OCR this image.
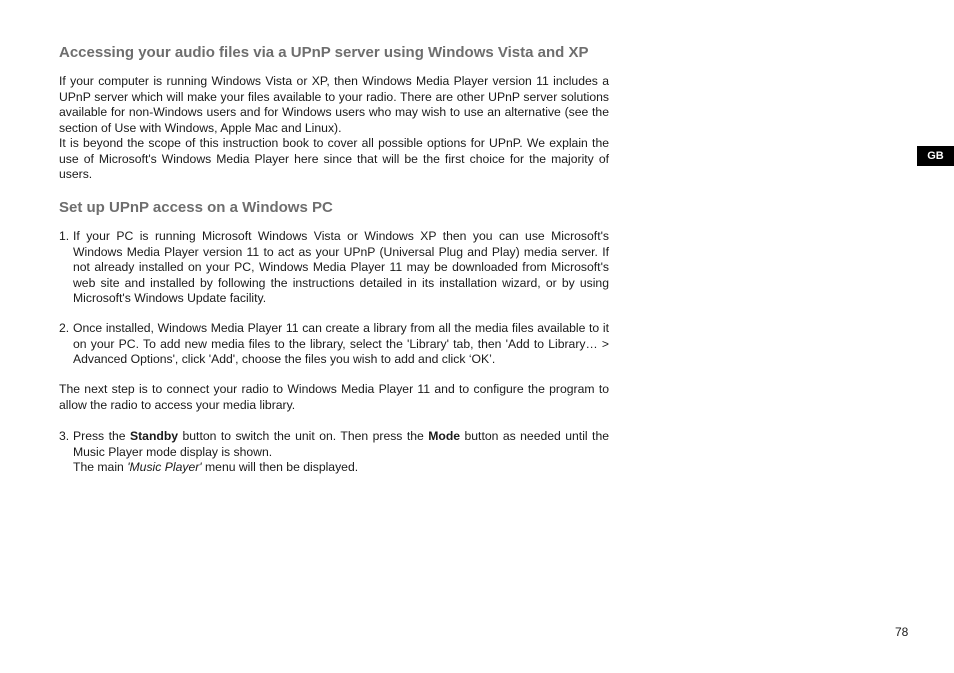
Accessing your audio files via a UPnP server using Windows Vista and XP

If your computer is running Windows Vista or XP, then Windows Media Player version 11 includes a UPnP server which will make your files available to your radio. There are other UPnP server solutions available for non-Windows users and for Windows users who may wish to use an alternative (see the section of Use with Windows, Apple Mac and Linux).
It is beyond the scope of this instruction book to cover all possible options for UPnP. We explain the use of Microsoft's Windows Media Player here since that will be the first choice for the majority of users.

Set up UPnP access on a Windows PC
1. If your PC is running Microsoft Windows Vista or Windows XP then you can use Microsoft's Windows Media Player version 11 to act as your UPnP (Universal Plug and Play) media server. If not already installed on your PC, Windows Media Player 11 may be downloaded from Microsoft's web site and installed by following the instructions detailed in its installation wizard, or by using Microsoft's Windows Update facility.
2. Once installed, Windows Media Player 11 can create a library from all the media files available to it on your PC. To add new media files to the library, select the 'Library' tab, then 'Add to Library… > Advanced Options', click 'Add', choose the files you wish to add and click ‘OK’.

The next step is to connect your radio to Windows Media Player 11 and to configure the program to allow the radio to access your media library.

3. Press the Standby button to switch the unit on. Then press the Mode button as needed until the Music Player mode display is shown.
The main 'Music Player' menu will then be displayed.
GB
78
